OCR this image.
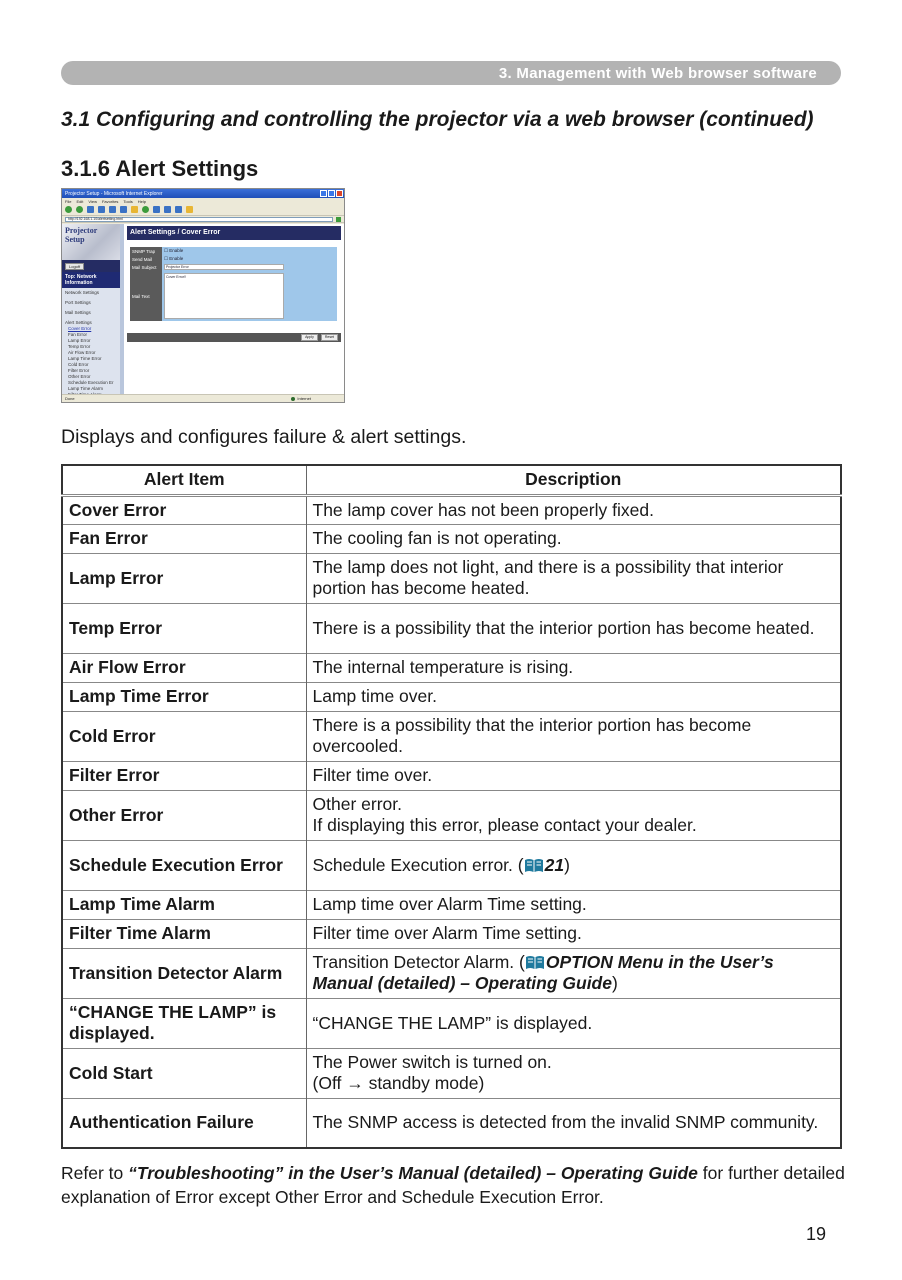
3. Management with Web browser software
3.1 Configuring and controlling the projector via a web browser (continued)
3.1.6 Alert Settings
Projector Setup - Microsoft Internet Explorer
File Edit View Favorites Tools Help
http://192.168.1.10/alertsetting.html
Projector Setup
Logoff
Top: Network Information
Network Settings
Port Settings
Mail Settings
Alert Settings
Cover Error
Fan Error
Lamp Error
Temp Error
Air Flow Error
Lamp Time Error
Cold Error
Filter Error
Other Error
Schedule Execution Er
Lamp Time Alarm
Alert Settings / Cover Error
SNMP Trap	☐ Enable
Send Mail	☐ Enable
Mail Subject	Projector Error

Mail Text	Cover Error!!
Apply	Reset
Done	Internet
Displays and configures failure & alert settings.
Alert Item	Description
Cover Error	The lamp cover has not been properly fixed.
Fan Error	The cooling fan is not operating.
Lamp Error	The lamp does not light, and there is a possibility that interior portion has become heated.
Temp Error	There is a possibility that the interior portion has become heated.
Air Flow Error	The internal temperature is rising.
Lamp Time Error	Lamp time over.
Cold Error	There is a possibility that the interior portion has become overcooled.
Filter Error	Filter time over.
Other Error	Other error.
If displaying this error, please contact your dealer.
Schedule Execution Error	Schedule Execution error. ( 21)
Lamp Time Alarm	Lamp time over Alarm Time setting.
Filter Time Alarm	Filter time over Alarm Time setting.
Transition Detector Alarm	Transition Detector Alarm. ( OPTION Menu in the User’s Manual (detailed) – Operating Guide)
“CHANGE THE LAMP” is displayed.	“CHANGE THE LAMP” is displayed.
Cold Start	The Power switch is turned on.
(Off → standby mode)
Authentication Failure	The SNMP access is detected from the invalid SNMP community.
Refer to “Troubleshooting” in the User’s Manual (detailed) – Operating Guide for further detailed explanation of Error except Other Error and Schedule Execution Error.
19
